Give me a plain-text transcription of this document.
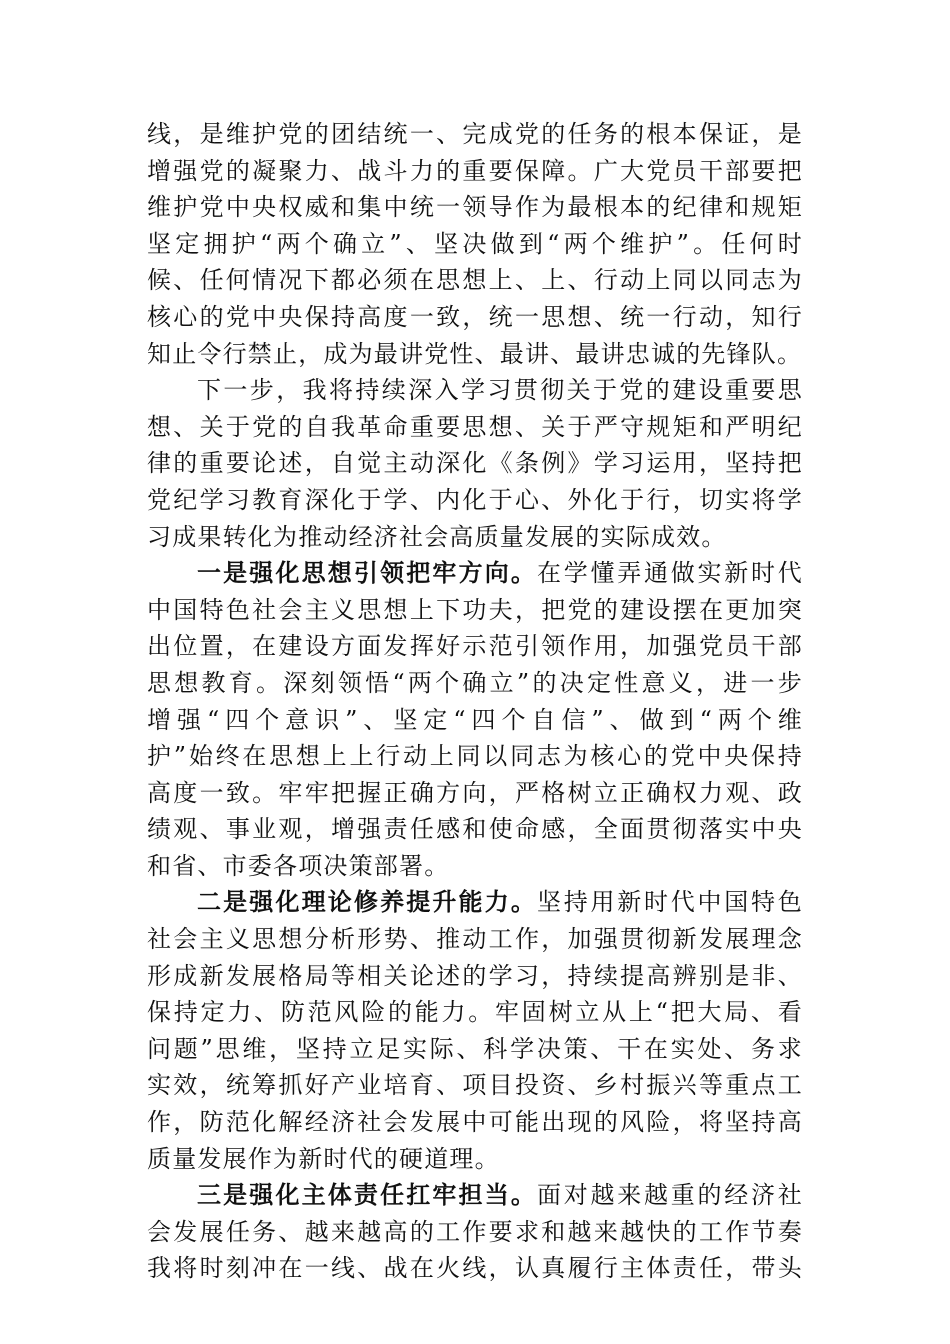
线，是维护党的团结统一、完成党的任务的根本保证，是
增强党的凝聚力、战斗力的重要保障。广大党员干部要把
维护党中央权威和集中统一领导作为最根本的纪律和规矩
坚定拥护“两个确立”、坚决做到“两个维护”。任何时
候、任何情况下都必须在思想上、上、行动上同以同志为
核心的党中央保持高度一致，统一思想、统一行动，知行
知止令行禁止，成为最讲党性、最讲、最讲忠诚的先锋队。
下一步，我将持续深入学习贯彻关于党的建设重要思
想、关于党的自我革命重要思想、关于严守规矩和严明纪
律的重要论述，自觉主动深化《条例》学习运用，坚持把
党纪学习教育深化于学、内化于心、外化于行，切实将学
习成果转化为推动经济社会高质量发展的实际成效。
一是强化思想引领把牢方向。在学懂弄通做实新时代
中国特色社会主义思想上下功夫，把党的建设摆在更加突
出位置，在建设方面发挥好示范引领作用，加强党员干部
思想教育。深刻领悟“两个确立”的决定性意义，进一步
增强“四个意识”、坚定“四个自信”、做到“两个维
护”始终在思想上上行动上同以同志为核心的党中央保持
高度一致。牢牢把握正确方向，严格树立正确权力观、政
绩观、事业观，增强责任感和使命感，全面贯彻落实中央
和省、市委各项决策部署。
二是强化理论修养提升能力。坚持用新时代中国特色
社会主义思想分析形势、推动工作，加强贯彻新发展理念
形成新发展格局等相关论述的学习，持续提高辨别是非、
保持定力、防范风险的能力。牢固树立从上“把大局、看
问题”思维，坚持立足实际、科学决策、干在实处、务求
实效，统筹抓好产业培育、项目投资、乡村振兴等重点工
作，防范化解经济社会发展中可能出现的风险，将坚持高
质量发展作为新时代的硬道理。
三是强化主体责任扛牢担当。面对越来越重的经济社
会发展任务、越来越高的工作要求和越来越快的工作节奏
我将时刻冲在一线、战在火线，认真履行主体责任，带头
